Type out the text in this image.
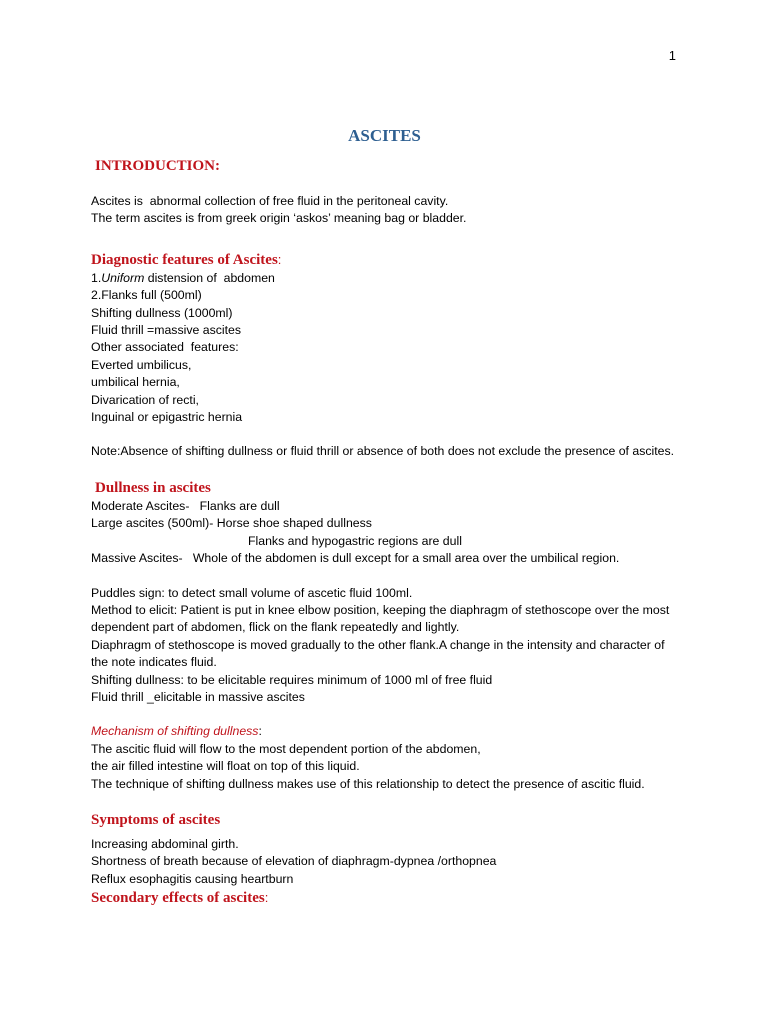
1
ASCITES
INTRODUCTION:
Ascites is  abnormal collection of free fluid in the peritoneal cavity.
The term ascites is from greek origin ‘askos’ meaning bag or bladder.
Diagnostic features of Ascites:
1.Uniform distension of  abdomen
2.Flanks full (500ml)
Shifting dullness (1000ml)
Fluid thrill =massive ascites
Other associated  features:
Everted umbilicus,
umbilical hernia,
Divarication of recti,
Inguinal or epigastric hernia
Note:Absence of shifting dullness or fluid thrill or absence of both does not exclude the presence of ascites.
Dullness in ascites
Moderate Ascites-   Flanks are dull
Large ascites (500ml)- Horse shoe shaped dullness
Flanks and hypogastric regions are dull
Massive Ascites-   Whole of the abdomen is dull except for a small area over the umbilical region.
Puddles sign: to detect small volume of ascetic fluid 100ml.
Method to elicit: Patient is put in knee elbow position, keeping the diaphragm of stethoscope over the most dependent part of abdomen, flick on the flank repeatedly and lightly.
Diaphragm of stethoscope is moved gradually to the other flank.A change in the intensity and character of the note indicates fluid.
Shifting dullness: to be elicitable requires minimum of 1000 ml of free fluid
Fluid thrill _elicitable in massive ascites
Mechanism of shifting dullness:
The ascitic fluid will flow to the most dependent portion of the abdomen,
the air filled intestine will float on top of this liquid.
The technique of shifting dullness makes use of this relationship to detect the presence of ascitic fluid.
Symptoms of ascites
Increasing abdominal girth.
Shortness of breath because of elevation of diaphragm-dypnea /orthopnea
Reflux esophagitis causing heartburn
Secondary effects of ascites:
